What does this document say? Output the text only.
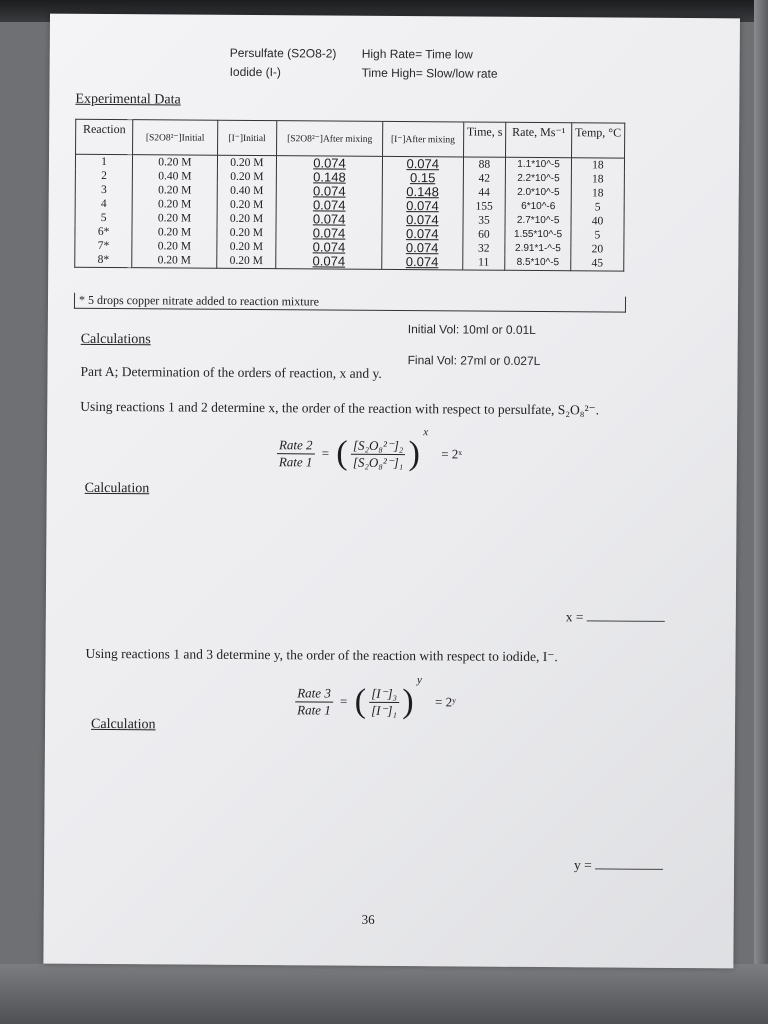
Persulfate (S2O8-2)
Iodide (I-)
High Rate= Time low
Time High= Slow/low rate
Experimental Data
Reaction	[S2O8²⁻]Initial	[I⁻]Initial	[S2O8²⁻]After mixing	[I⁻]After mixing	Time, s	Rate, Ms⁻¹	Temp, °C
1	0.20 M	0.20 M	0.074	0.074	88	1.1*10^-5	18
2	0.40 M	0.20 M	0.148	0.15	42	2.2*10^-5	18
3	0.20 M	0.40 M	0.074	0.148	44	2.0*10^-5	18
4	0.20 M	0.20 M	0.074	0.074	155	6*10^-6	5
5	0.20 M	0.20 M	0.074	0.074	35	2.7*10^-5	40
6*	0.20 M	0.20 M	0.074	0.074	60	1.55*10^-5	5
7*	0.20 M	0.20 M	0.074	0.074	32	2.91*1-^-5	20
8*	0.20 M	0.20 M	0.074	0.074	11	8.5*10^-5	45
* 5 drops copper nitrate added to reaction mixture
Initial Vol: 10ml or 0.01L
Final Vol: 27ml or 0.027L
Calculations
Part A; Determination of the orders of reaction, x and y.
Using reactions 1 and 2 determine x, the order of the reaction with respect to persulfate, S₂O₈²⁻.
$\frac{\text{Rate 2}}{\text{Rate 1}}$ = ( $\frac{\text{[S₂O₈²⁻]₂}}{\text{[S₂O₈²⁻]₁}}$ ) $^x$ = 2ˣ
Calculation
x =
Using reactions 1 and 3 determine y, the order of the reaction with respect to iodide, I⁻.
$\frac{\text{Rate 3}}{\text{Rate 1}}$ = ( $\frac{\text{[I⁻]₃}}{\text{[I⁻]₁}}$ ) $^y$ = 2ʸ
Calculation
y =
36
